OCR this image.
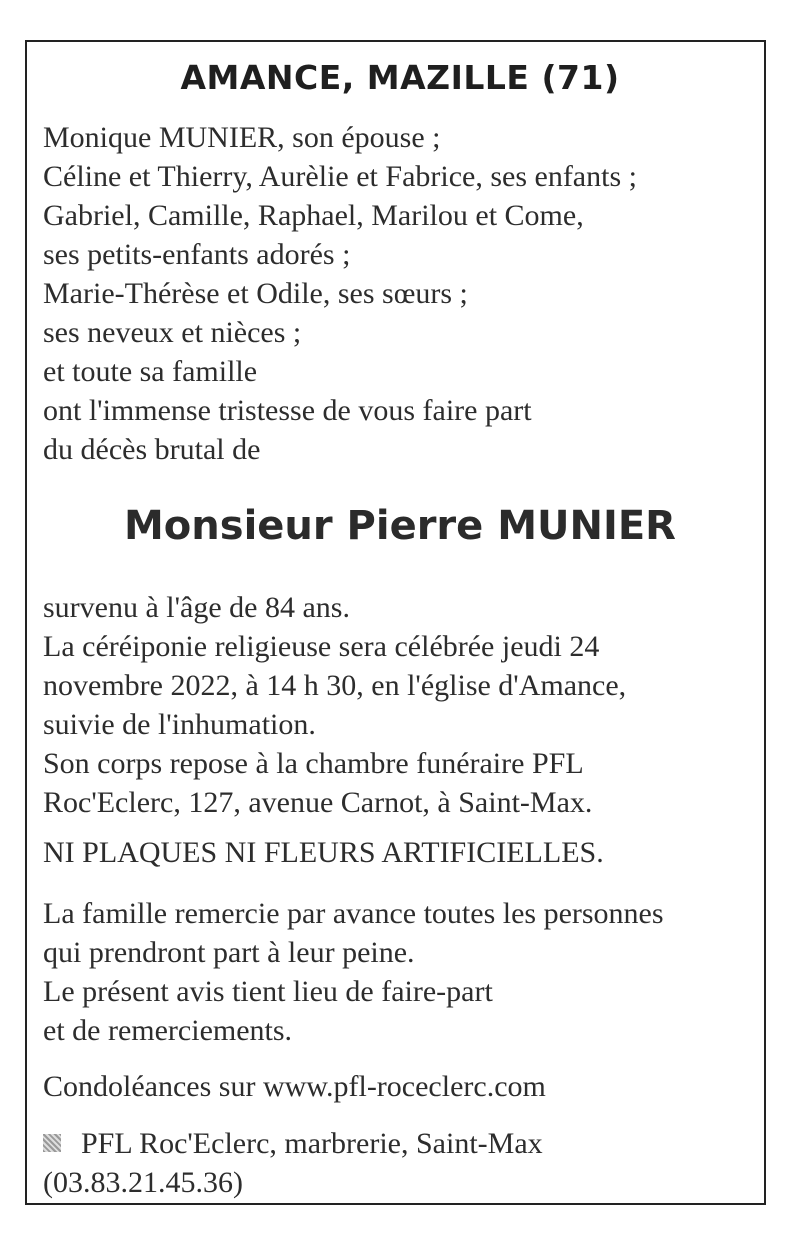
AMANCE, MAZILLE (71)
Monique MUNIER, son épouse ;
Céline et Thierry, Aurèlie et Fabrice, ses enfants ;
Gabriel, Camille, Raphael, Marilou et Come,
ses petits-enfants adorés ;
Marie-Thérèse et Odile, ses sœurs ;
ses neveux et nièces ;
et toute sa famille
ont l'immense tristesse de vous faire part
du décès brutal de
Monsieur Pierre MUNIER
survenu à l'âge de 84 ans.
La céréiponie religieuse sera célébrée jeudi 24
novembre 2022, à 14 h 30, en l'église d'Amance,
suivie de l'inhumation.
Son corps repose à la chambre funéraire PFL
Roc'Eclerc, 127, avenue Carnot, à Saint-Max.
NI PLAQUES NI FLEURS ARTIFICIELLES.
La famille remercie par avance toutes les personnes
qui prendront part à leur peine.
Le présent avis tient lieu de faire-part
et de remerciements.
Condoléances sur www.pfl-roceclerc.com
PFL Roc'Eclerc, marbrerie, Saint-Max
(03.83.21.45.36)
